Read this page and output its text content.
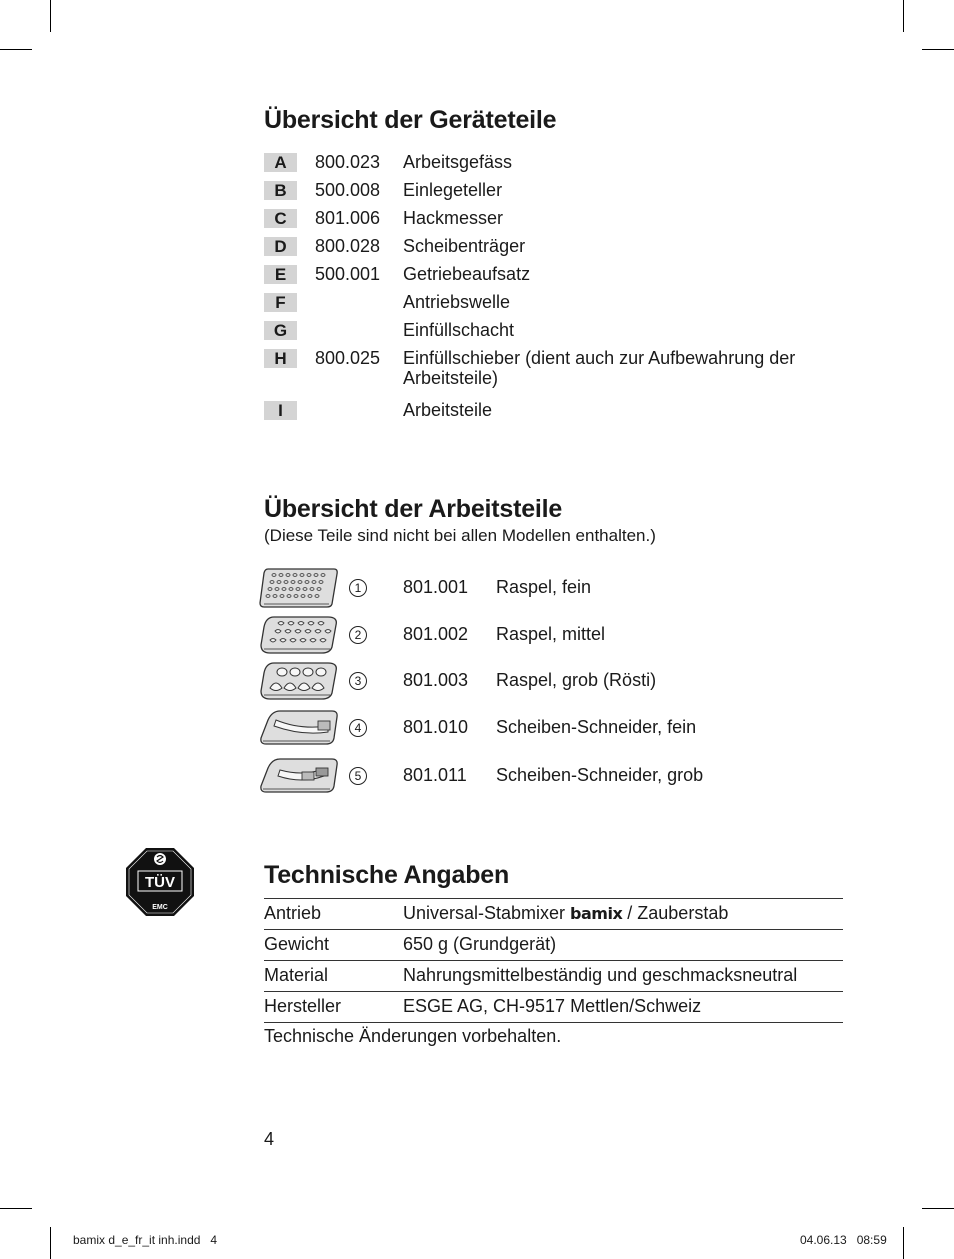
Übersicht der Geräteteile
A	800.023 Arbeitsgefäss
B	500.008 Einlegeteller
C	801.006 Hackmesser
D	800.028 Scheibenträger
E	500.001 Getriebeaufsatz
F	Antriebswelle
G	Einfüllschacht
H	800.025 Einfüllschieber (dient auch zur Aufbewahrung der Arbeitsteile)
I	Arbeitsteile
Übersicht der Arbeitsteile
(Diese Teile sind nicht bei allen Modellen enthalten.)
1	801.001 Raspel, fein
2	801.002 Raspel, mittel
3	801.003 Raspel, grob (Rösti)
4	801.010 Scheiben-Schneider, fein
5	801.011 Scheiben-Schneider, grob
TÜV
EMC
Technische Angaben
Antrieb	Universal-Stabmixer bamix / Zauberstab
Gewicht	650 g (Grundgerät)
Material	Nahrungsmittelbeständig und geschmacksneutral
Hersteller	ESGE AG, CH-9517 Mettlen/Schweiz
Technische Änderungen vorbehalten.
4
bamix d_e_fr_it inh.indd   4	04.06.13   08:59
